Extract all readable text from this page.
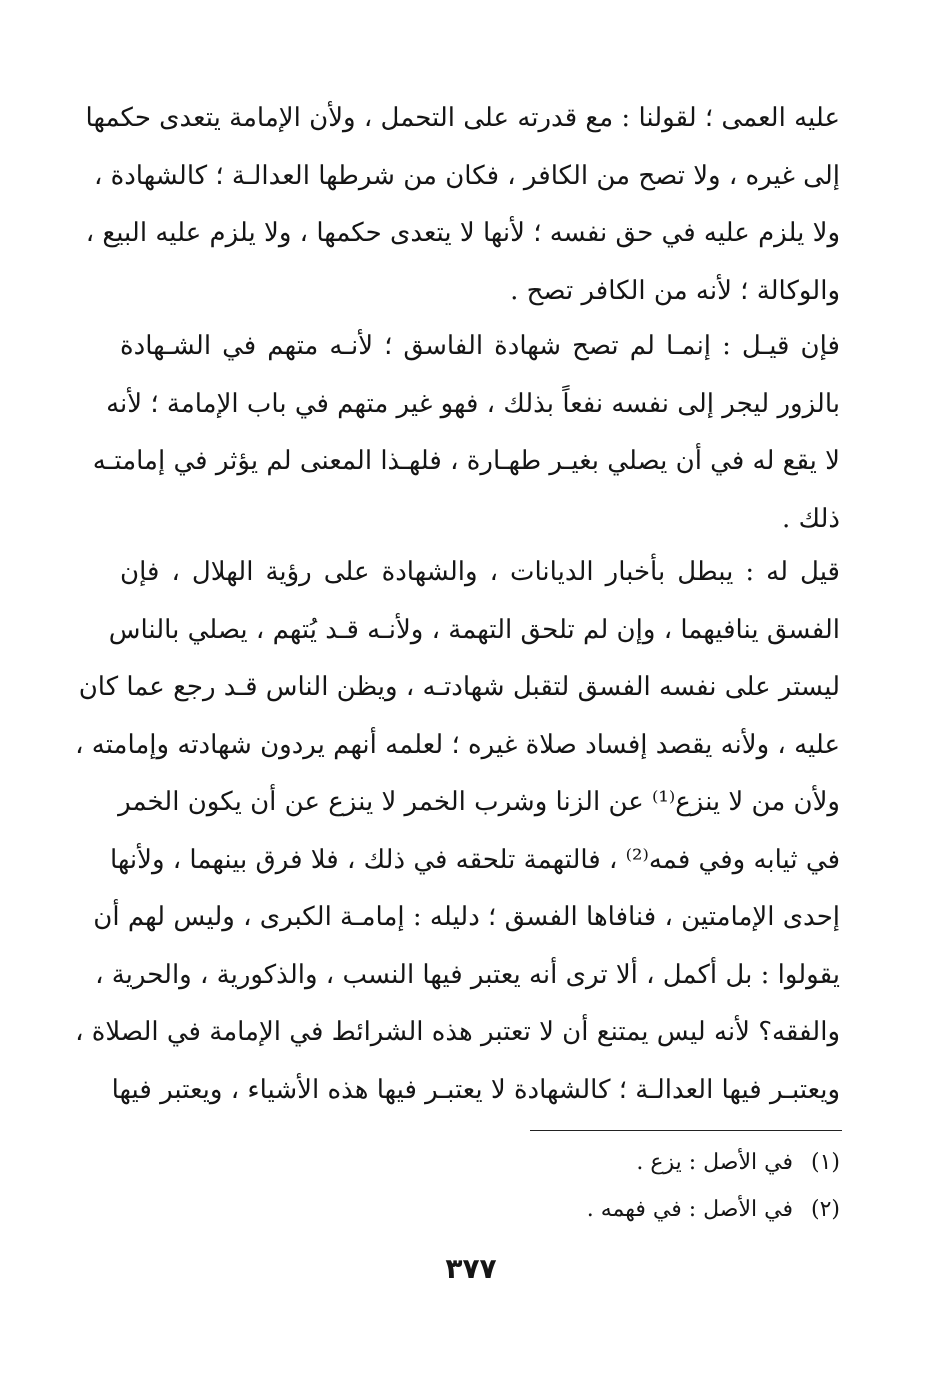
عليه العمى ؛ لقولنا : مع قدرته على التحمل ، ولأن الإمامة يتعدى حكمها
إلى غيره ، ولا تصح من الكافر ، فكان من شرطها العدالـة ؛ كالشهادة ،
ولا يلزم عليه في حق نفسه ؛ لأنها لا يتعدى حكمها ، ولا يلزم عليه البيع ،
والوكالة ؛ لأنه من الكافر تصح .
فإن قيـل : إنمـا لم تصح شهادة الفاسق ؛ لأنـه متهم في الشـهادة
بالزور ليجر إلى نفسه نفعاً بذلك ، فهو غير متهم في باب الإمامة ؛ لأنه
لا يقع له في أن يصلي بغيـر طهـارة ، فلهـذا المعنى لم يؤثر في إمامتـه
ذلك .
قيل له : يبطل بأخبار الديانات ، والشهادة على رؤية الهلال ، فإن
الفسق ينافيهما ، وإن لم تلحق التهمة ، ولأنـه قـد يُتهم ، يصلي بالناس
ليستر على نفسه الفسق لتقبل شهادتـه ، ويظن الناس قـد رجع عما كان
عليه ، ولأنه يقصد إفساد صلاة غيره ؛ لعلمه أنهم يردون شهادته وإمامته ،
ولأن من لا ينزع⁽¹⁾ عن الزنا وشرب الخمر لا ينزع عن أن يكون الخمر
في ثيابه وفي فمه⁽²⁾ ، فالتهمة تلحقه في ذلك ، فلا فرق بينهما ، ولأنها
إحدى الإمامتين ، فنافاها الفسق ؛ دليله : إمامـة الكبرى ، وليس لهم أن
يقولوا : بل أكمل ، ألا ترى أنه يعتبر فيها النسب ، والذكورية ، والحرية ،
والفقه؟ لأنه ليس يمتنع أن لا تعتبر هذه الشرائط في الإمامة في الصلاة ،
ويعتبـر فيها العدالـة ؛ كالشهادة لا يعتبـر فيها هذه الأشياء ، ويعتبر فيها
(١)في الأصل : يزع .
(٢)في الأصل : في فهمه .
٣٧٧
